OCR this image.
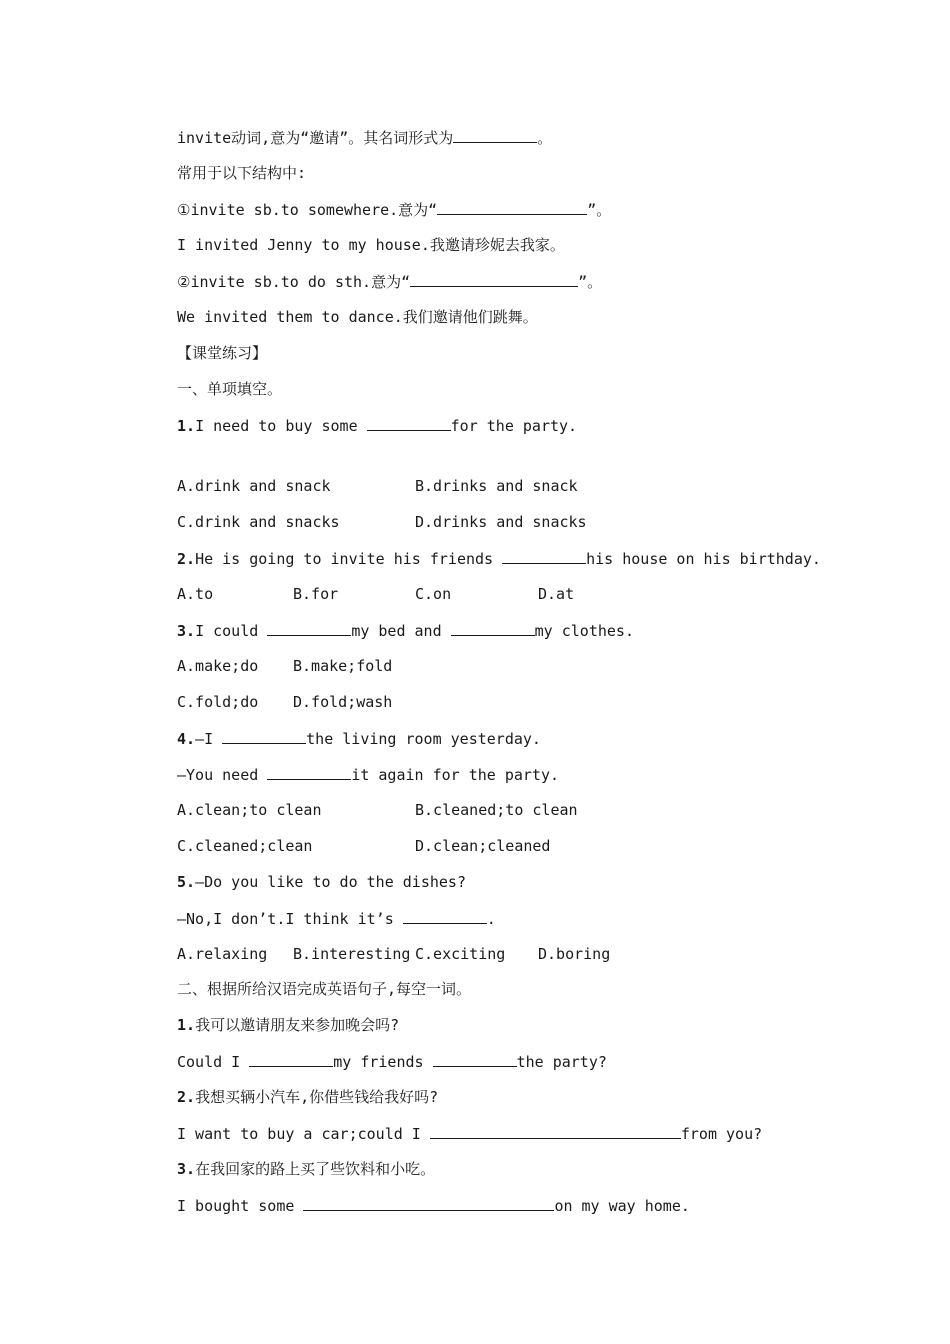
invite动词,意为“邀请”。其名词形式为	。
常用于以下结构中:
①invite sb.to somewhere.意为“	”。
I invited Jenny to my house.我邀请珍妮去我家。
②invite sb.to do sth.意为“	”。
We invited them to dance.我们邀请他们跳舞。
【课堂练习】
一、单项填空。
1.I need to buy some	for the party.
A.drink and snack	B.drinks and snack
C.drink and snacks	D.drinks and snacks
2.He is going to invite his friends	his house on his birthday.
A.to	B.for	C.on	D.at
3.I could	my bed and	my clothes.
A.make;do B.make;fold
C.fold;do D.fold;wash
4.—I	the living room yesterday.
—You need	it again for the party.
A.clean;to clean	B.cleaned;to clean
C.cleaned;clean	D.clean;cleaned
5.—Do you like to do the dishes?
—No,I don’t.I think it’s	.
A.relaxing B.interesting C.exciting D.boring
二、根据所给汉语完成英语句子,每空一词。
1.我可以邀请朋友来参加晚会吗?
Could I	my friends	the party?
2.我想买辆小汽车,你借些钱给我好吗?
I want to buy a car;could I	from you?
3.在我回家的路上买了些饮料和小吃。
I bought some	on my way home.
